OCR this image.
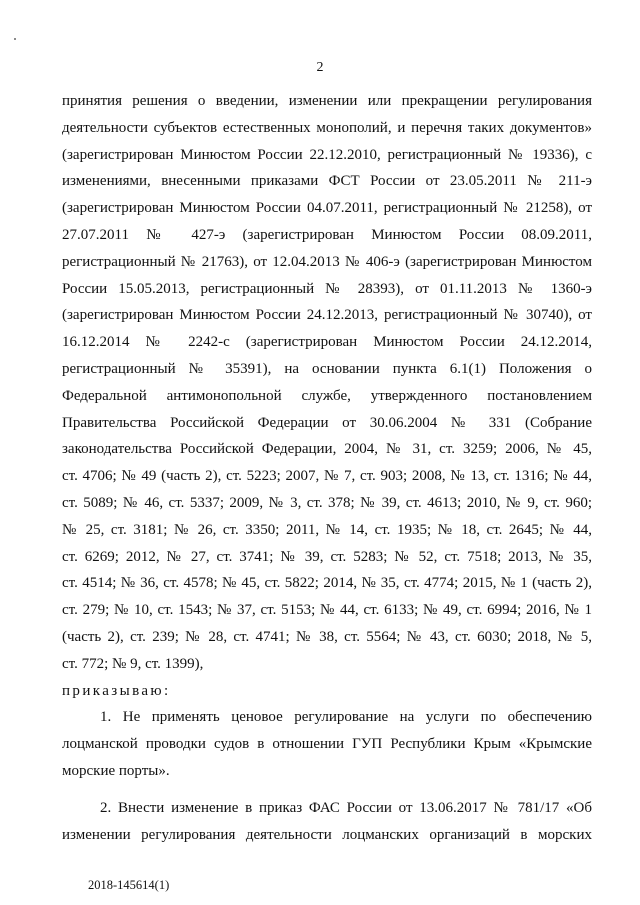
2
принятия решения о введении, изменении или прекращении регулирования
деятельности субъектов естественных монополий, и перечня таких документов»
(зарегистрирован Минюстом России 22.12.2010, регистрационный № 19336), с
изменениями, внесенными приказами ФСТ России от 23.05.2011 № 211-э
(зарегистрирован Минюстом России 04.07.2011, регистрационный № 21258), от
27.07.2011 № 427-э (зарегистрирован Минюстом России 08.09.2011,
регистрационный № 21763), от 12.04.2013 № 406-э (зарегистрирован Минюстом
России 15.05.2013, регистрационный № 28393), от 01.11.2013 № 1360-э
(зарегистрирован Минюстом России 24.12.2013, регистрационный № 30740), от
16.12.2014 № 2242-с (зарегистрирован Минюстом России 24.12.2014,
регистрационный № 35391), на основании пункта 6.1(1) Положения о
Федеральной антимонопольной службе, утвержденного постановлением
Правительства Российской Федерации от 30.06.2004 № 331 (Собрание
законодательства Российской Федерации, 2004, № 31, ст. 3259; 2006, № 45,
ст. 4706; № 49 (часть 2), ст. 5223; 2007, № 7, ст. 903; 2008, № 13, ст. 1316; № 44,
ст. 5089; № 46, ст. 5337; 2009, № 3, ст. 378; № 39, ст. 4613; 2010, № 9, ст. 960;
№ 25, ст. 3181; № 26, ст. 3350; 2011, № 14, ст. 1935; № 18, ст. 2645; № 44,
ст. 6269; 2012, № 27, ст. 3741; № 39, ст. 5283; № 52, ст. 7518; 2013, № 35,
ст. 4514; № 36, ст. 4578; № 45, ст. 5822; 2014, № 35, ст. 4774; 2015, № 1 (часть 2),
ст. 279; № 10, ст. 1543; № 37, ст. 5153; № 44, ст. 6133; № 49, ст. 6994; 2016, № 1
(часть 2), ст. 239; № 28, ст. 4741; № 38, ст. 5564; № 43, ст. 6030; 2018, № 5,
ст. 772; № 9, ст. 1399),
приказываю:
1. Не применять ценовое регулирование на услуги по обеспечению
лоцманской проводки судов в отношении ГУП Республики Крым «Крымские
морские порты».
2. Внести изменение в приказ ФАС России от 13.06.2017 № 781/17 «Об
изменении регулирования деятельности лоцманских организаций в морских
2018-145614(1)
